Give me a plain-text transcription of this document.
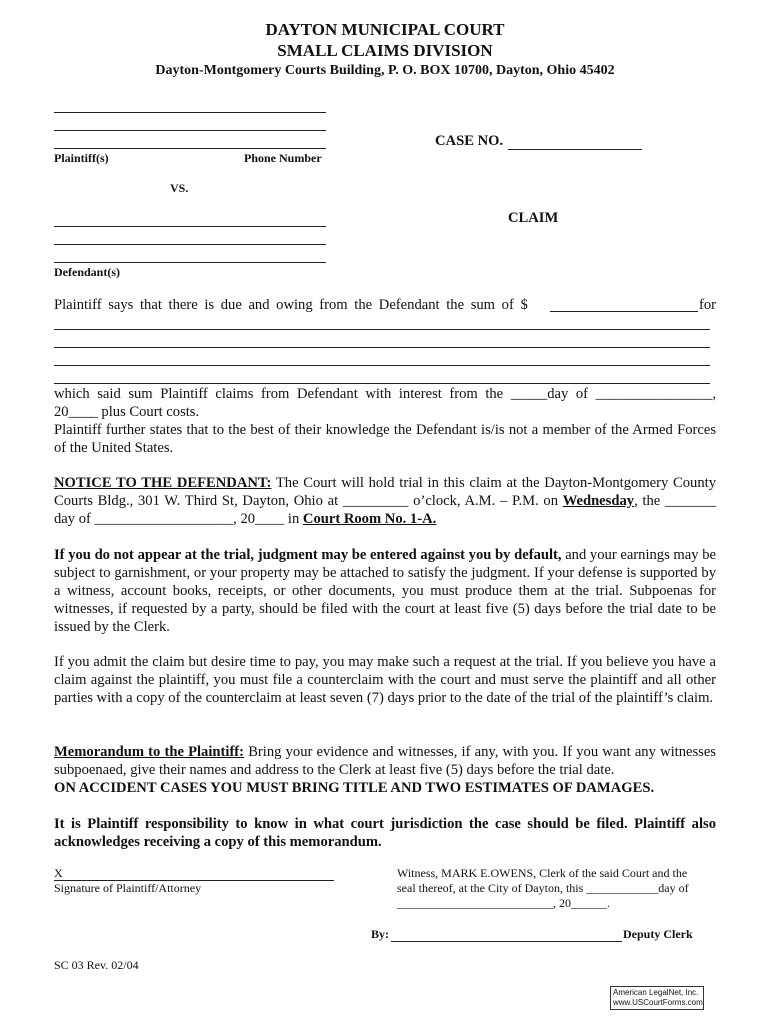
DAYTON MUNICIPAL COURT
SMALL CLAIMS DIVISION
Dayton-Montgomery Courts Building, P. O. BOX 10700, Dayton, Ohio 45402
Plaintiff(s)	Phone Number
VS.
CASE NO.
CLAIM
Defendant(s)
Plaintiff says that there is due and owing from the Defendant the sum of $	for
which said sum Plaintiff claims from Defendant with interest from the _____day of ________________,
20____ plus Court costs.
Plaintiff further states that to the best of their knowledge the Defendant is/is not a member of the Armed Forces of the United States.
NOTICE TO THE DEFENDANT: The Court will hold trial in this claim at the Dayton-Montgomery County Courts Bldg., 301 W. Third St, Dayton, Ohio at _________ o’clock, A.M. – P.M. on Wednesday, the _______ day of ___________________, 20____ in Court Room No. 1-A.
If you do not appear at the trial, judgment may be entered against you by default, and your earnings may be subject to garnishment, or your property may be attached to satisfy the judgment. If your defense is supported by a witness, account books, receipts, or other documents, you must produce them at the trial. Subpoenas for witnesses, if requested by a party, should be filed with the court at least five (5) days before the trial date to be issued by the Clerk.
If you admit the claim but desire time to pay, you may make such a request at the trial. If you believe you have a claim against the plaintiff, you must file a counterclaim with the court and must serve the plaintiff and all other parties with a copy of the counterclaim at least seven (7) days prior to the date of the trial of the plaintiff’s claim.
Memorandum to the Plaintiff: Bring your evidence and witnesses, if any, with you. If you want any witnesses subpoenaed, give their names and address to the Clerk at least five (5) days before the trial date.
ON ACCIDENT CASES YOU MUST BRING TITLE AND TWO ESTIMATES OF DAMAGES.
It is Plaintiff responsibility to know in what court jurisdiction the case should be filed. Plaintiff also acknowledges receiving a copy of this memorandum.
X
Signature of Plaintiff/Attorney
Witness, MARK E.OWENS, Clerk of the said Court and the
seal thereof, at the City of Dayton, this ____________day of
__________________________, 20______.
By:	Deputy Clerk
SC 03 Rev. 02/04
American LegalNet, Inc.
www.USCourtForms.com
